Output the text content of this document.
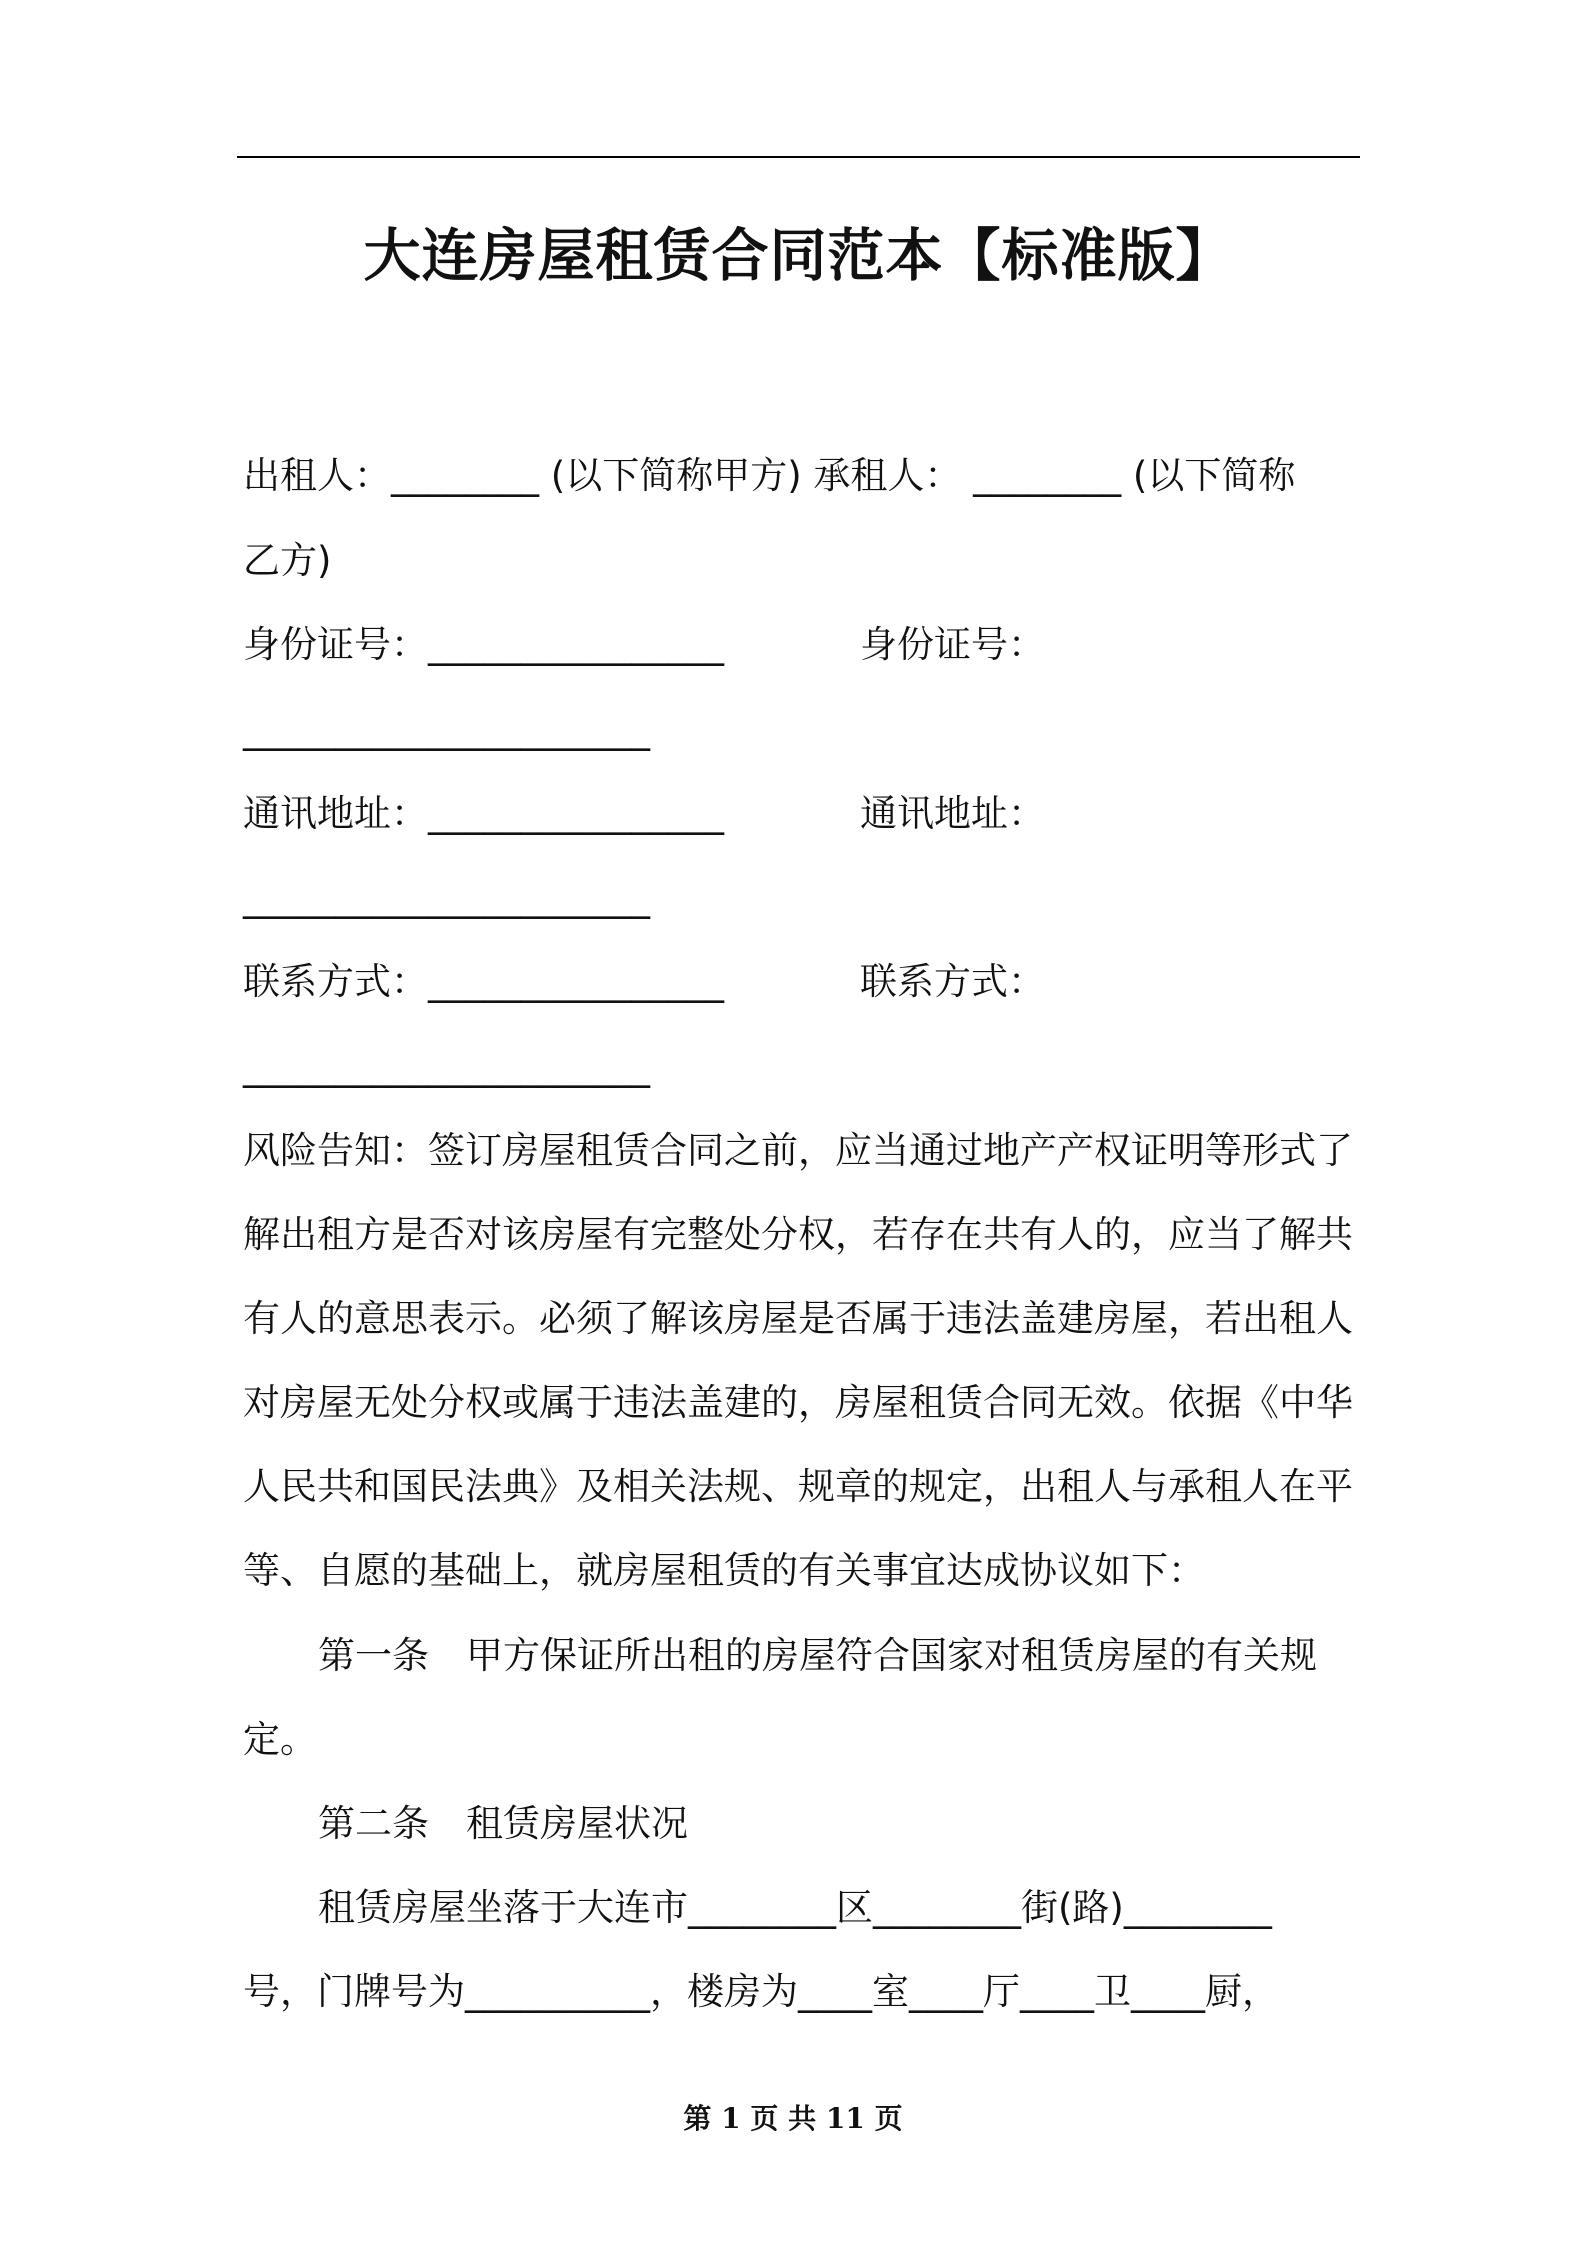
大连房屋租赁合同范本【标准版】

出租人：________ (以下简称甲方) 承租人： ________ (以下简称

乙方)

身份证号：________________	身份证号：

______________________

通讯地址：________________	通讯地址：

______________________

联系方式：________________	联系方式：

______________________

风险告知：签订房屋租赁合同之前，应当通过地产产权证明等形式了

解出租方是否对该房屋有完整处分权，若存在共有人的，应当了解共

有人的意思表示。必须了解该房屋是否属于违法盖建房屋，若出租人

对房屋无处分权或属于违法盖建的，房屋租赁合同无效。依据《中华

人民共和国民法典》及相关法规、规章的规定，出租人与承租人在平

等、自愿的基础上，就房屋租赁的有关事宜达成协议如下：

第一条　甲方保证所出租的房屋符合国家对租赁房屋的有关规

定。

第二条　租赁房屋状况

租赁房屋坐落于大连市________区________街(路)________

号，门牌号为__________，楼房为____室____厅____卫____厨，

第 1 页 共 11 页
